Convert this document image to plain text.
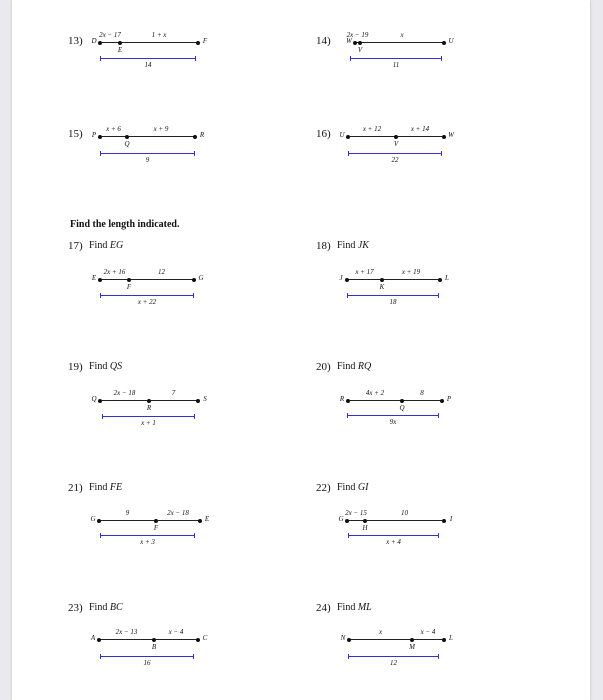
13) D
E
F
2x − 17	1 + x
14
14) W
V
U
2x − 19	x
11
15) P
Q
R
x + 6	x + 9
9
16) U
V
W
x + 12	x + 14
22
17) Find EG
E
F
G
2x + 16	12
x + 22
18) Find JK
J
K
L
x + 17	x + 19
18
19) Find QS
Q
R
S
2x − 18	7
x + 1
20) Find RQ
R
Q
P
4x + 2	8
9x
21) Find FE
G
F
E
9	2x − 18
x + 3
22) Find GI
G
H
I
2x − 15	10
x + 4
23) Find BC
A
B
C
2x − 13	x − 4
16
24) Find ML
N
M
L
x	x − 4
12
Find the length indicated.
